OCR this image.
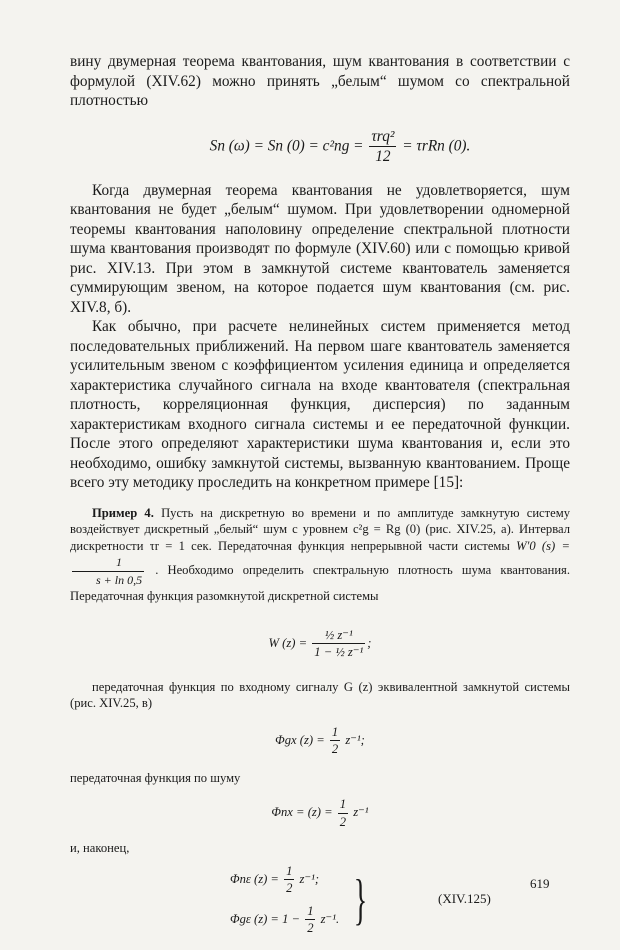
вину двумерная теорема квантования, шум квантования в соответствии с формулой (XIV.62) можно принять „белым“ шумом со спектральной плотностью

Sn (ω) = Sn $(0) = c^2ng = \frac{\text{τrq²}}{12} = \tau rRn$ (0).

Когда двумерная теорема квантования не удовлетворяется, шум квантования не будет „белым“ шумом. При удовлетворении одномерной теоремы квантования наполовину определение спектральной плотности шума квантования производят по формуле (XIV.60) или с помощью кривой рис. XIV.13. При этом в замкнутой системе квантователь заменяется суммирующим звеном, на которое подается шум квантования (см. рис. XIV.8, б).

Как обычно, при расчете нелинейных систем применяется метод последовательных приближений. На первом шаге квантователь заменяется усилительным звеном с коэффициентом усиления единица и определяется характеристика случайного сигнала на входе квантователя (спектральная плотность, корреляционная функция, дисперсия) по заданным характеристикам входного сигнала системы и ее передаточной функции. После этого определяют характеристики шума квантования и, если это необходимо, ошибку замкнутой системы, вызванную квантованием. Проще всего эту методику проследить на конкретном примере [15]:

Пример 4. Пусть на дискретную во времени и по амплитуде замкнутую систему воздействует дискретный „белый“ шум с уровнем c²g = Rg (0) (рис. XIV.25, а). Интервал дискретности τr = 1 сек. Передаточная функция непрерывной части системы W′0 (s) =
$\frac{1}{s + \ln 0,5}$ . Необходимо определить спектральную плотность шума квантования. Передаточная функция разомкнутой дискретной системы

W $(z) = \frac{\text{½ z⁻¹}}{\text{1 − ½ z⁻¹}}$ ;

передаточная функция по входному сигналу G (z) эквивалентной замкнутой системы (рис. XIV.25, в)

Φgx $(z) = \frac{1}{2} z^{-1}$;

передаточная функция по шуму

$\Phi nx = (z) = \frac{1}{2} z^{-1}$

и, наконец,

Φnε $(z) = \frac{1}{2} z^{-1}$;
Φgε $(z) = 1 - \frac{1}{2} z^{-1}$. }	(XIV.125)
619
